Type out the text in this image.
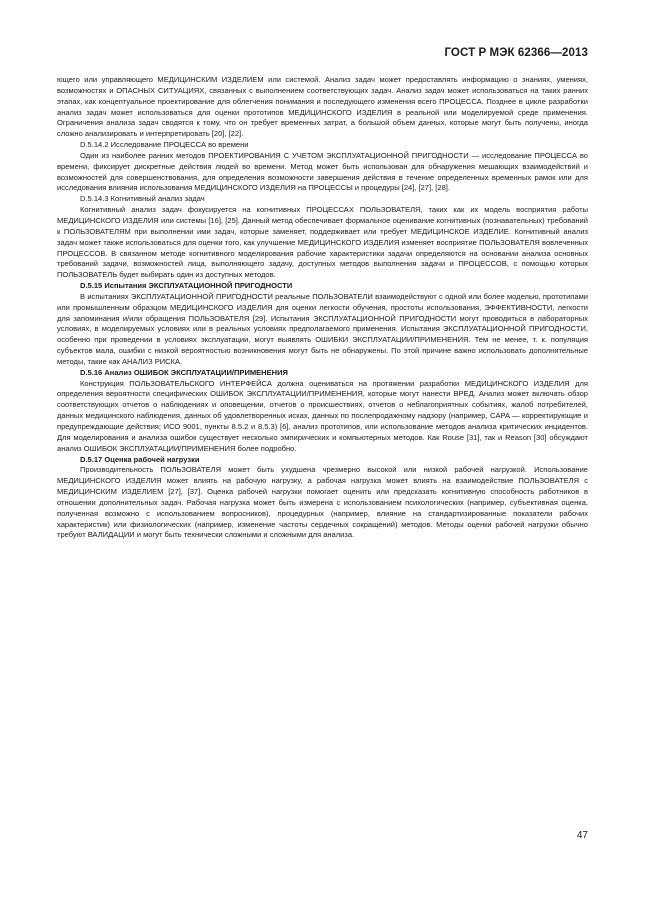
ГОСТ Р МЭК 62366—2013

ющего или управляющего МЕДИЦИНСКИМ ИЗДЕЛИЕМ или системой. Анализ задач может предоставлять информацию о знаниях, умениях, возможностях и ОПАСНЫХ СИТУАЦИЯХ, связанных с выполнением соответствующих задач. Анализ задач может использоваться на таких ранних этапах, как концептуальное проектирование для облегчения понимания и последующего изменения всего ПРОЦЕССА. Позднее в цикле разработки анализ задач может использоваться для оценки прототипов МЕДИЦИНСКОГО ИЗДЕЛИЯ в реальной или моделируемой среде применения. Ограничения анализа задач сводятся к тому, что он требует временных затрат, а большой объем данных, которые могут быть получены, иногда сложно анализировать и интерпретировать [20], [22].

D.5.14.2 Исследование ПРОЦЕССА во времени

Один из наиболее ранних методов ПРОЕКТИРОВАНИЯ С УЧЕТОМ ЭКСПЛУАТАЦИОННОЙ ПРИГОДНОСТИ — исследование ПРОЦЕССА во времени, фиксирует дискретные действия людей во времени. Метод может быть использован для обнаружения мешающих взаимодействий и возможностей для совершенствования, для определения возможности завершения действия в течение определенных временных рамок или для исследования влияния использования МЕДИЦИНСКОГО ИЗДЕЛИЯ на ПРОЦЕССЫ и процедуры [24], [27], [28].

D.5.14.3 Когнитивный анализ задач

Когнитивный анализ задач фокусируется на когнитивных ПРОЦЕССАХ ПОЛЬЗОВАТЕЛЯ, таких как их модель восприятия работы МЕДИЦИНСКОГО ИЗДЕЛИЯ или системы [16], [25]. Данный метод обеспечивает формальное оценивание когнитивных (познавательных) требований к ПОЛЬЗОВАТЕЛЯМ при выполнении ими задач, которые заменяет, поддерживает или требует МЕДИЦИНСКОЕ ИЗДЕЛИЕ. Когнитивный анализ задач может также использоваться для оценки того, как улучшение МЕДИЦИНСКОГО ИЗДЕЛИЯ изменяет восприятие ПОЛЬЗОВАТЕЛЯ вовлеченных ПРОЦЕССОВ. В связанном методе когнитивного моделирования рабочие характеристики задачи определяются на основании анализа основных требований задачи, возможностей лица, выполняющего задачу, доступных методов выполнения задачи и ПРОЦЕССОВ, с помощью которых ПОЛЬЗОВАТЕЛЬ будет выбирать один из доступных методов.

D.5.15 Испытания ЭКСПЛУАТАЦИОННОЙ ПРИГОДНОСТИ

В испытаниях ЭКСПЛУАТАЦИОННОЙ ПРИГОДНОСТИ реальные ПОЛЬЗОВАТЕЛИ взаимодействуют с одной или более моделью, прототипами или промышленным образцом МЕДИЦИНСКОГО ИЗДЕЛИЯ для оценки легкости обучения, простоты использования, ЭФФЕКТИВНОСТИ, легкости для запоминания и/или обращения ПОЛЬЗОВАТЕЛЯ [29]. Испытания ЭКСПЛУАТАЦИОННОЙ ПРИГОДНОСТИ могут проводиться в лабораторных условиях, в моделируемых условиях или в реальных условиях предполагаемого применения. Испытания ЭКСПЛУАТАЦИОННОЙ ПРИГОДНОСТИ, особенно при проведении в условиях эксплуатации, могут выявлять ОШИБКИ ЭКСПЛУАТАЦИИ/ПРИМЕНЕНИЯ. Тем не менее, т. к. популяция субъектов мала, ошибки с низкой вероятностью возникновения могут быть не обнаружены. По этой причине важно использовать дополнительные методы, такие как АНАЛИЗ РИСКА.

D.5.16 Анализ ОШИБОК ЭКСПЛУАТАЦИИ/ПРИМЕНЕНИЯ

Конструкция ПОЛЬЗОВАТЕЛЬСКОГО ИНТЕРФЕЙСА должна оцениваться на протяжении разработки МЕДИЦИНСКОГО ИЗДЕЛИЯ для определения вероятности специфических ОШИБОК ЭКСПЛУАТАЦИИ/ПРИМЕНЕНИЯ, которые могут нанести ВРЕД. Анализ может включать обзор соответствующих отчетов о наблюдениях и оповещении, отчетов о происшествиях, отчетов о неблагоприятных событиях, жалоб потребителей, данных медицинского наблюдения, данных об удовлетворенных исках, данных по послепродажному надзору (например, CAPA — корректирующие и предупреждающие действия; ИСО 9001, пункты 8.5.2 и 8.5.3) [6], анализ прототипов, или использование методов анализа критических инцидентов. Для моделирования и анализа ошибок существует несколько эмпирических и компьютерных методов. Как Rouse [31], так и Reason [30] обсуждают анализ ОШИБОК ЭКСПЛУАТАЦИИ/ПРИМЕНЕНИЯ более подробно.

D.5.17 Оценка рабочей нагрузки

Производительность ПОЛЬЗОВАТЕЛЯ может быть ухудшена чрезмерно высокой или низкой рабочей нагрузкой. Использование МЕДИЦИНСКОГО ИЗДЕЛИЯ может влиять на рабочую нагрузку, а рабочая нагрузка может влиять на взаимодействие ПОЛЬЗОВАТЕЛЯ с МЕДИЦИНСКИМ ИЗДЕЛИЕМ [27], [37]. Оценка рабочей нагрузки помогает оценить или предсказать когнитивную способность работников в отношении дополнительных задач. Рабочая нагрузка может быть измерена с использованием психологических (например, субъективная оценка, полученная возможно с использованием вопросников), процедурных (например, влияние на стандартизированные показатели рабочих характеристик) или физиологических (например, изменение частоты сердечных сокращений) методов. Методы оценки рабочей нагрузки обычно требуют ВАЛИДАЦИИ и могут быть технически сложными и сложными для анализа.

47
